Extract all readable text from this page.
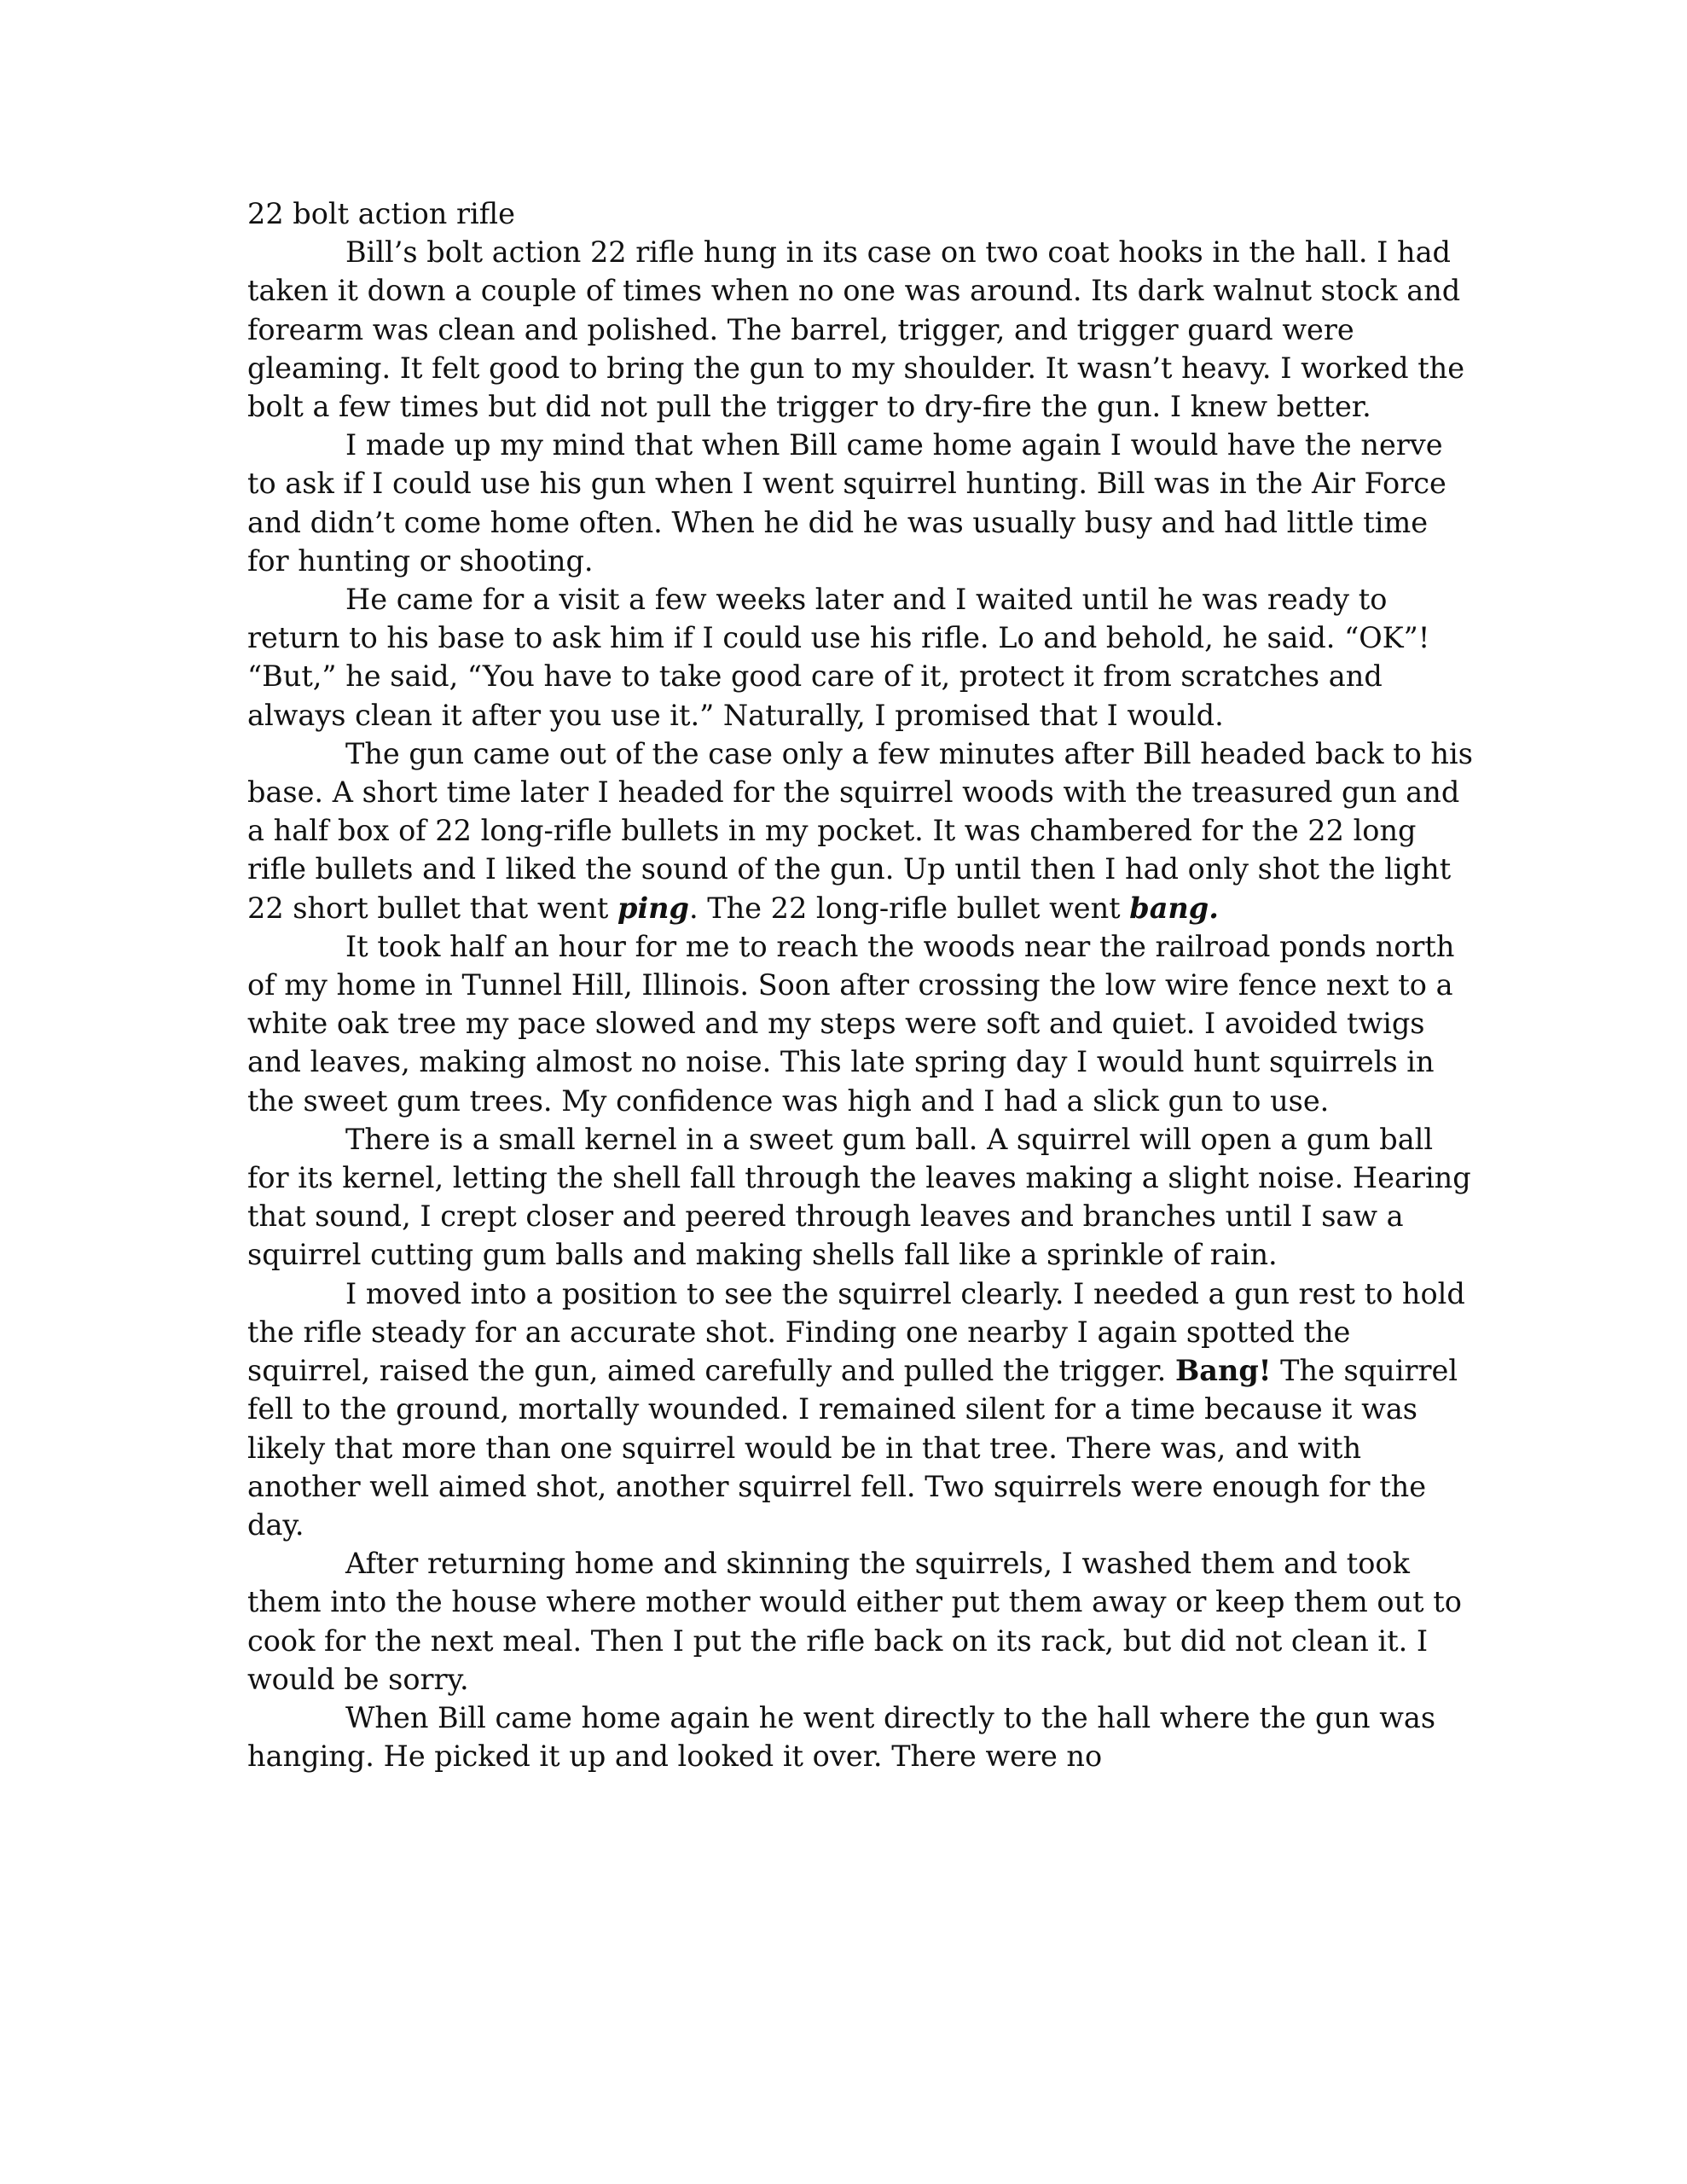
22 bolt action rifle

Bill’s bolt action 22 rifle hung in its case on two coat hooks in the hall. I had taken it down a couple of times when no one was around. Its dark walnut stock and forearm was clean and polished. The barrel, trigger, and trigger guard were gleaming. It felt good to bring the gun to my shoulder. It wasn’t heavy. I worked the bolt a few times but did not pull the trigger to dry-fire the gun. I knew better.

I made up my mind that when Bill came home again I would have the nerve to ask if I could use his gun when I went squirrel hunting. Bill was in the Air Force and didn’t come home often. When he did he was usually busy and had little time for hunting or shooting.

He came for a visit a few weeks later and I waited until he was ready to return to his base to ask him if I could use his rifle. Lo and behold, he said. “OK”! “But,” he said, “You have to take good care of it, protect it from scratches and always clean it after you use it.” Naturally, I promised that I would.

The gun came out of the case only a few minutes after Bill headed back to his base. A short time later I headed for the squirrel woods with the treasured gun and a half box of 22 long-rifle bullets in my pocket. It was chambered for the 22 long rifle bullets and I liked the sound of the gun. Up until then I had only shot the light 22 short bullet that went ping. The 22 long-rifle bullet went bang.

It took half an hour for me to reach the woods near the railroad ponds north of my home in Tunnel Hill, Illinois. Soon after crossing the low wire fence next to a white oak tree my pace slowed and my steps were soft and quiet. I avoided twigs and leaves, making almost no noise. This late spring day I would hunt squirrels in the sweet gum trees. My confidence was high and I had a slick gun to use.

There is a small kernel in a sweet gum ball. A squirrel will open a gum ball for its kernel, letting the shell fall through the leaves making a slight noise. Hearing that sound, I crept closer and peered through leaves and branches until I saw a squirrel cutting gum balls and making shells fall like a sprinkle of rain.

I moved into a position to see the squirrel clearly. I needed a gun rest to hold the rifle steady for an accurate shot. Finding one nearby I again spotted the squirrel, raised the gun, aimed carefully and pulled the trigger. Bang! The squirrel fell to the ground, mortally wounded. I remained silent for a time because it was likely that more than one squirrel would be in that tree. There was, and with another well aimed shot, another squirrel fell. Two squirrels were enough for the day.

After returning home and skinning the squirrels, I washed them and took them into the house where mother would either put them away or keep them out to cook for the next meal. Then I put the rifle back on its rack, but did not clean it. I would be sorry.

When Bill came home again he went directly to the hall where the gun was hanging. He picked it up and looked it over. There were no
